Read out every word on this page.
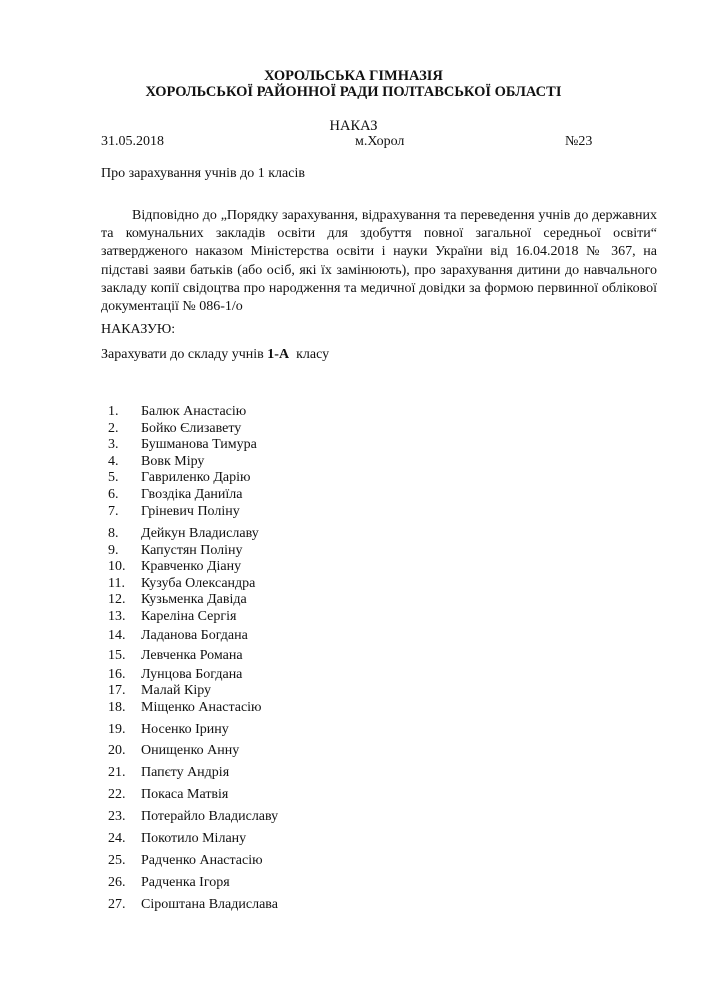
ХОРОЛЬСЬКА ГІМНАЗІЯ
ХОРОЛЬСЬКОЇ РАЙОННОЇ РАДИ ПОЛТАВСЬКОЇ ОБЛАСТІ
НАКАЗ
31.05.2018	м.Хорол	№23
Про зарахування учнів до 1 класів
Відповідно до „Порядку зарахування, відрахування та переведення учнів до державних та комунальних закладів освіти для здобуття повної загальної середньої освіти“ затвердженого наказом Міністерства освіти і науки України від 16.04.2018 № 367, на підставі заяви батьків (або осіб, які їх замінюють), про зарахування дитини до навчального закладу копії свідоцтва про народження та медичної довідки за формою первинної облікової документації № 086-1/о
НАКАЗУЮ:
Зарахувати до складу учнів 1-А класу
1.	Балюк Анастасію
2.	Бойко Єлизавету
3.	Бушманова Тимура
4.	Вовк Міру
5.	Гавриленко Дарію
6.	Гвоздіка Даниїла
7.	Гріневич Поліну
8.	Дейкун Владиславу
9.	Капустян Поліну
10.	Кравченко Діану
11.	Кузуба Олександра
12.	Кузьменка Давіда
13.	Кареліна Сергія
14.	Ладанова Богдана
15.	Левченка Романа
16.	Лунцова Богдана
17.	Малай Кіру
18.	Міщенко Анастасію
19.	Носенко Ірину
20.	Онищенко Анну
21.	Папєту Андрія
22.	Покаса Матвія
23.	Потерайло Владиславу
24.	Покотило Мілану
25.	Радченко Анастасію
26.	Радченка Ігоря
27.	Сіроштана Владислава
